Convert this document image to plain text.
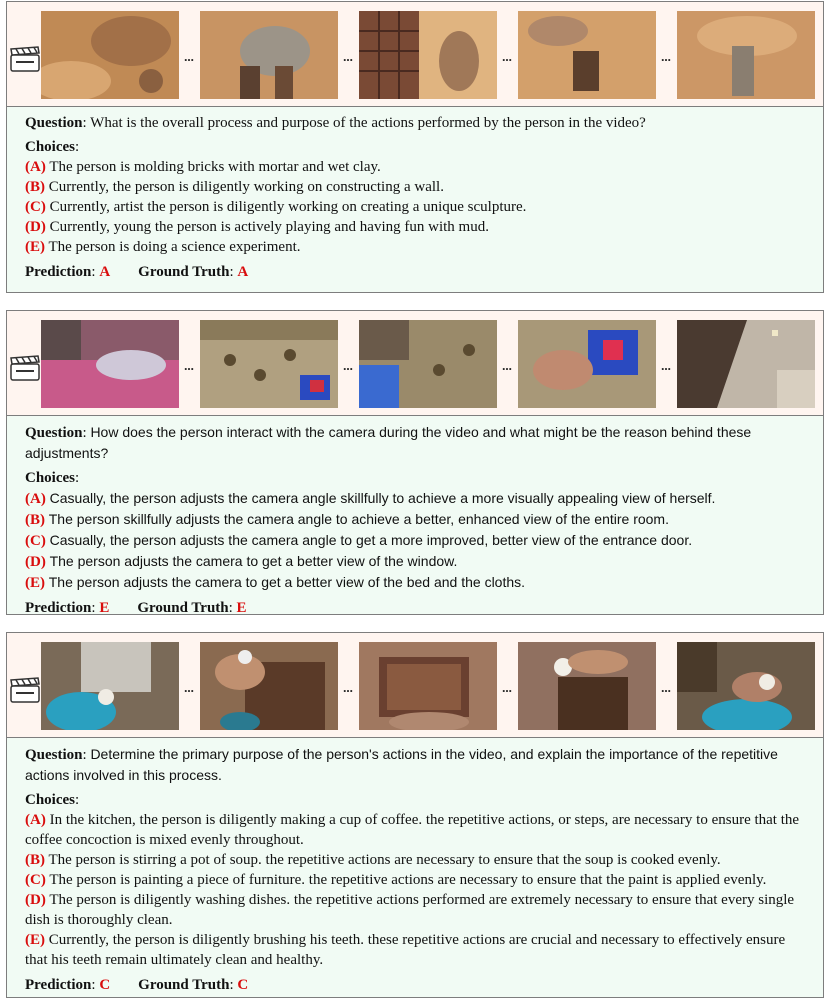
...	...	...	...

Question: What is the overall process and purpose of the actions performed by the person in the video?

Choices:

(A) The person is molding bricks with mortar and wet clay.

(B) Currently, the person is diligently working on constructing a wall.

(C) Currently, artist the person is diligently working on creating a unique sculpture.

(D) Currently, young the person is actively playing and having fun with mud.

(E) The person is doing a science experiment.

Prediction: A Ground Truth: A

...	...	...	...

Question: How does the person interact with the camera during the video and what might be the reason behind these adjustments?

Choices:

(A) Casually, the person adjusts the camera angle skillfully to achieve a more visually appealing view of herself.

(B) The person skillfully adjusts the camera angle to achieve a better, enhanced view of the entire room.

(C) Casually, the person adjusts the camera angle to get a more improved, better view of the entrance door.

(D) The person adjusts the camera to get a better view of the window.

(E) The person adjusts the camera to get a better view of the bed and the cloths.

Prediction: E Ground Truth: E

...	...	...	...

Question: Determine the primary purpose of the person's actions in the video, and explain the importance of the repetitive actions involved in this process.

Choices:

(A) In the kitchen, the person is diligently making a cup of coffee. the repetitive actions, or steps, are necessary to ensure that the coffee concoction is mixed evenly throughout.

(B) The person is stirring a pot of soup. the repetitive actions are necessary to ensure that the soup is cooked evenly.

(C) The person is painting a piece of furniture. the repetitive actions are necessary to ensure that the paint is applied evenly.

(D) The person is diligently washing dishes. the repetitive actions performed are extremely necessary to ensure that every single dish is thoroughly clean.

(E) Currently, the person is diligently brushing his teeth. these repetitive actions are crucial and necessary to effectively ensure that his teeth remain ultimately clean and healthy.

Prediction: C Ground Truth: C
